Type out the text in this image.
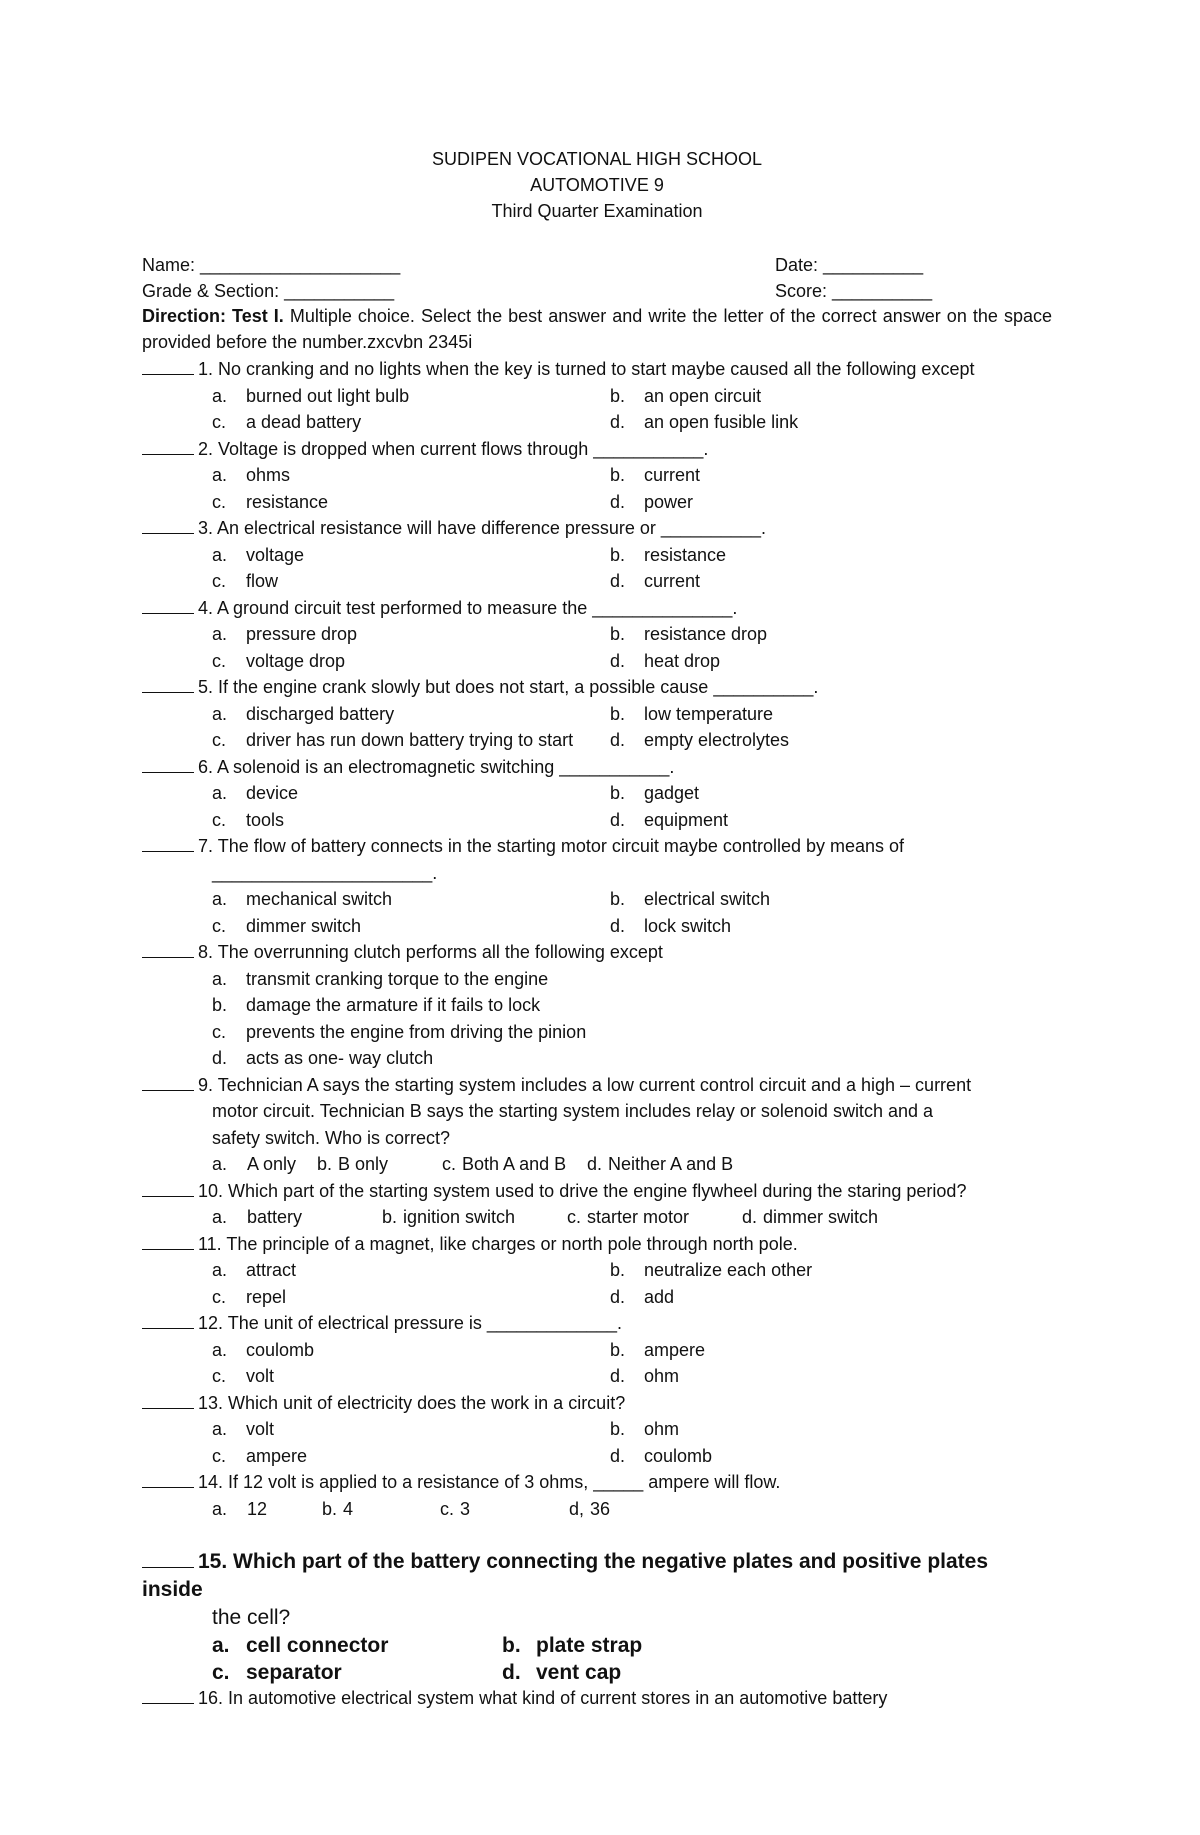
SUDIPEN VOCATIONAL HIGH SCHOOL
AUTOMOTIVE 9
Third Quarter Examination
Name: ____________________	Date: __________
Grade & Section: ___________	Score: __________
Direction: Test I. Multiple choice. Select the best answer and write the letter of the correct answer on the space provided before the number.zxcvbn 2345i
1. No cranking and no lights when the key is turned to start maybe caused all the following except
a. burned out light bulb	b. an open circuit
c. a dead battery	d. an open fusible link
2. Voltage is dropped when current flows through ___________.
a. ohms	b. current
c. resistance	d. power
3. An electrical resistance will have difference pressure or __________.
a. voltage	b. resistance
c. flow	d. current
4. A ground circuit test performed to measure the ______________.
a. pressure drop	b. resistance drop
c. voltage drop	d. heat drop
5. If the engine crank slowly but does not start, a possible cause __________.
a. discharged battery	b. low temperature
c. driver has run down battery trying to start d. empty electrolytes
6. A solenoid is an electromagnetic switching ___________.
a. device	b. gadget
c. tools	d. equipment
7. The flow of battery connects in the starting motor circuit maybe controlled by means of
______________________.
a. mechanical switch	b. electrical switch
c. dimmer switch	d. lock switch
8. The overrunning clutch performs all the following except
a. transmit cranking torque to the engine
b. damage the armature if it fails to lock
c. prevents the engine from driving the pinion
d. acts as one- way clutch
9. Technician A says the starting system includes a low current control circuit and a high – current
motor circuit. Technician B says the starting system includes relay or solenoid switch and a
safety switch. Who is correct?
a. A only b. B only	c. Both A and B d. Neither A and B
10. Which part of the starting system used to drive the engine flywheel during the staring period?
a. battery	b. ignition switch	c. starter motor	d. dimmer switch
11. The principle of a magnet, like charges or north pole through north pole.
a. attract	b. neutralize each other
c. repel	d. add
12. The unit of electrical pressure is _____________.
a. coulomb	b. ampere
c. volt	d. ohm
13. Which unit of electricity does the work in a circuit?
a. volt	b. ohm
c. ampere	d. coulomb
14. If 12 volt is applied to a resistance of 3 ohms, _____ ampere will flow.
a. 12	b. 4	c. 3	d, 36
15. Which part of the battery connecting the negative plates and positive plates inside
the cell?
a. cell connector	b. plate strap
c. separator	d. vent cap
16. In automotive electrical system what kind of current stores in an automotive battery
